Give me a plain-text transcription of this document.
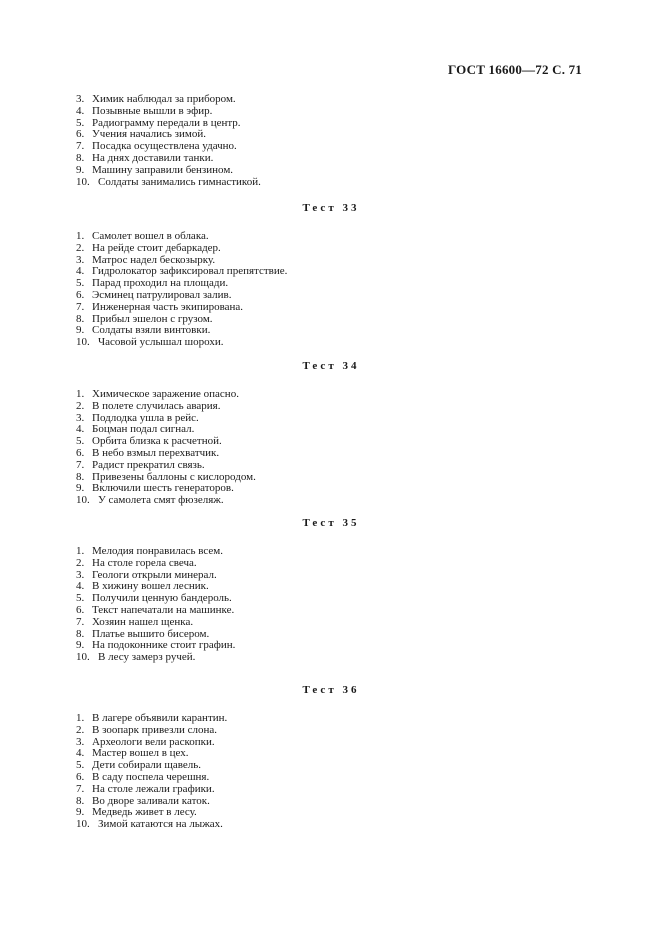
ГОСТ 16600—72 С. 71
3. Химик наблюдал за прибором.
4. Позывные вышли в эфир.
5. Радиограмму передали в центр.
6. Учения начались зимой.
7. Посадка осуществлена удачно.
8. На днях доставили танки.
9. Машину заправили бензином.
10. Солдаты занимались гимнастикой.
Тест 33
1. Самолет вошел в облака.
2. На рейде стоит дебаркадер.
3. Матрос надел бескозырку.
4. Гидролокатор зафиксировал препятствие.
5. Парад проходил на площади.
6. Эсминец патрулировал залив.
7. Инженерная часть экипирована.
8. Прибыл эшелон с грузом.
9. Солдаты взяли винтовки.
10. Часовой услышал шорохи.
Тест 34
1. Химическое заражение опасно.
2. В полете случилась авария.
3. Подлодка ушла в рейс.
4. Боцман подал сигнал.
5. Орбита близка к расчетной.
6. В небо взмыл перехватчик.
7. Радист прекратил связь.
8. Привезены баллоны с кислородом.
9. Включили шесть генераторов.
10. У самолета смят фюзеляж.
Тест 35
1. Мелодия понравилась всем.
2. На столе горела свеча.
3. Геологи открыли минерал.
4. В хижину вошел лесник.
5. Получили ценную бандероль.
6. Текст напечатали на машинке.
7. Хозяин нашел щенка.
8. Платье вышито бисером.
9. На подоконнике стоит графин.
10. В лесу замерз ручей.
Тест 36
1. В лагере объявили карантин.
2. В зоопарк привезли слона.
3. Археологи вели раскопки.
4. Мастер вошел в цех.
5. Дети собирали щавель.
6. В саду поспела черешня.
7. На столе лежали графики.
8. Во дворе заливали каток.
9. Медведь живет в лесу.
10. Зимой катаются на лыжах.
